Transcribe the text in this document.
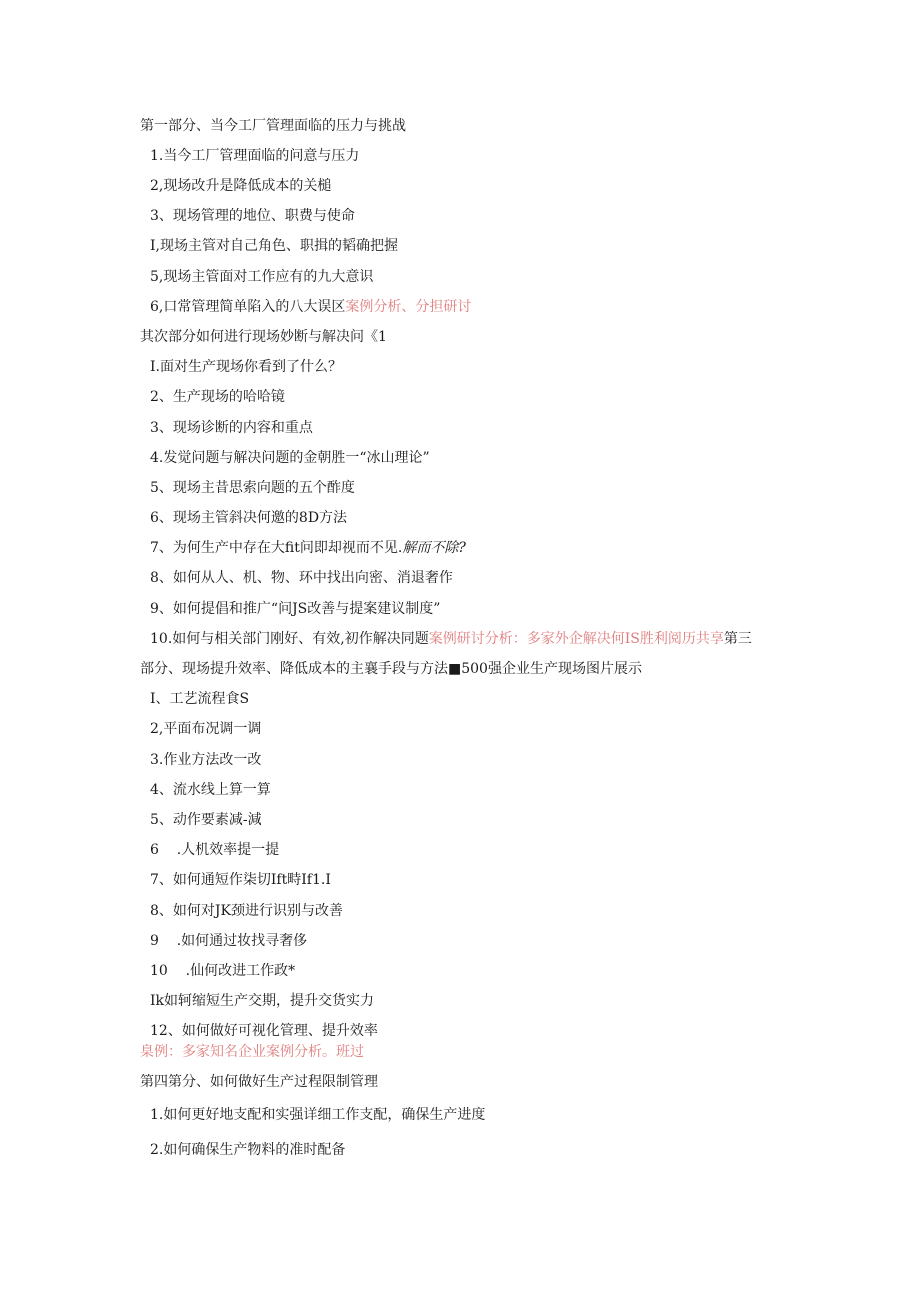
第一部分、当今工厂管理面临的压力与挑战
1.当今工厂管理面临的问意与压力
2,现场改升是降低成本的关槌
3、现场管理的地位、职费与使命
I,现场主管对自己角色、职揖的韬确把握
5,现场主管面对工作应有的九大意识
6,口常管理简单陷入的八大误区案例分析、分担研讨
其次部分如何进行现场妙断与解决问《1
I.面对生产现场你看到了什么？
2、生产现场的哈哈镜
3、现场诊断的内容和重点
4.发觉问题与解决问题的金朝胜一“冰山理论”
5、现场主昔思索向题的五个酢度
6、现场主管斜决何邀的8D方法
7、为何生产中存在大fit问即却视而不见.解而不除?
8、如何从人、机、物、环中找出向密、消退奢作
9、如何提倡和推广“问JS改善与提案建议制度”
10.如何与相关部门刚好、有效,初作解决同题案例研讨分析：多家外企解决何IS胜利阅历共享第三
部分、现场提升效率、降低成本的主襄手段与方法■500强企业生产现场图片展示
I、工艺流程食S
2,平面布况调一调
3.作业方法改一改
4、流水线上算一算
5、动作要素减-減
6    .人机效率提一提
7、如何通短作柒切Ift畤If1.I
8、如何对JK颈进行识别与改善
9    .如何通过妆找寻奢侈
10    .仙何改进工作政*
Ik如轲缩短生产交期，提升交货实力
12、如何做好可视化管理、提升效率
臬例：多家知名企业案例分析。班过
第四第分、如何做好生产过程限制管理
1.如何更好地支配和实强详细工作支配，确保生产进度
2.如何确保生产物料的准时配备
